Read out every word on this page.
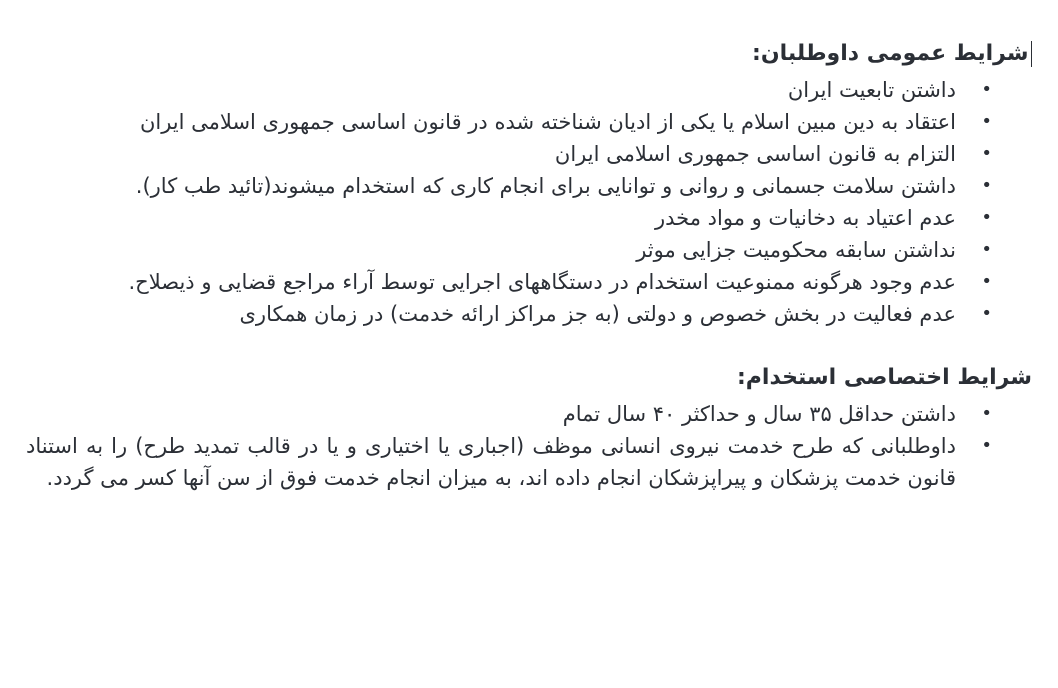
شرایط عمومی داوطلبان:
•
داشتن تابعیت ایران
•
اعتقاد به دین مبین اسلام یا یکی از ادیان شناخته شده در قانون اساسی جمهوری اسلامی ایران
•
التزام به قانون اساسی جمهوری اسلامی ایران
•
داشتن سلامت جسمانی و روانی و توانایی برای انجام کاری که استخدام میشوند(تائید طب کار).
•
عدم اعتیاد به دخانیات و مواد مخدر
•
نداشتن سابقه محکومیت جزایی موثر
•
عدم وجود هرگونه ممنوعیت استخدام در دستگاههای اجرایی توسط آراء مراجع قضایی و ذیصلاح.
•
عدم فعالیت در بخش خصوص و دولتی (به جز مراکز ارائه خدمت) در زمان همکاری
شرایط اختصاصی استخدام:
•
داشتن حداقل ۳۵ سال و حداکثر ۴۰ سال تمام
•
داوطلبانی که طرح خدمت نیروی انسانی موظف (اجباری یا اختیاری و یا در قالب تمدید طرح) را به استناد قانون خدمت پزشکان و پیراپزشکان انجام داده اند، به میزان انجام خدمت فوق از سن آنها کسر می گردد.
